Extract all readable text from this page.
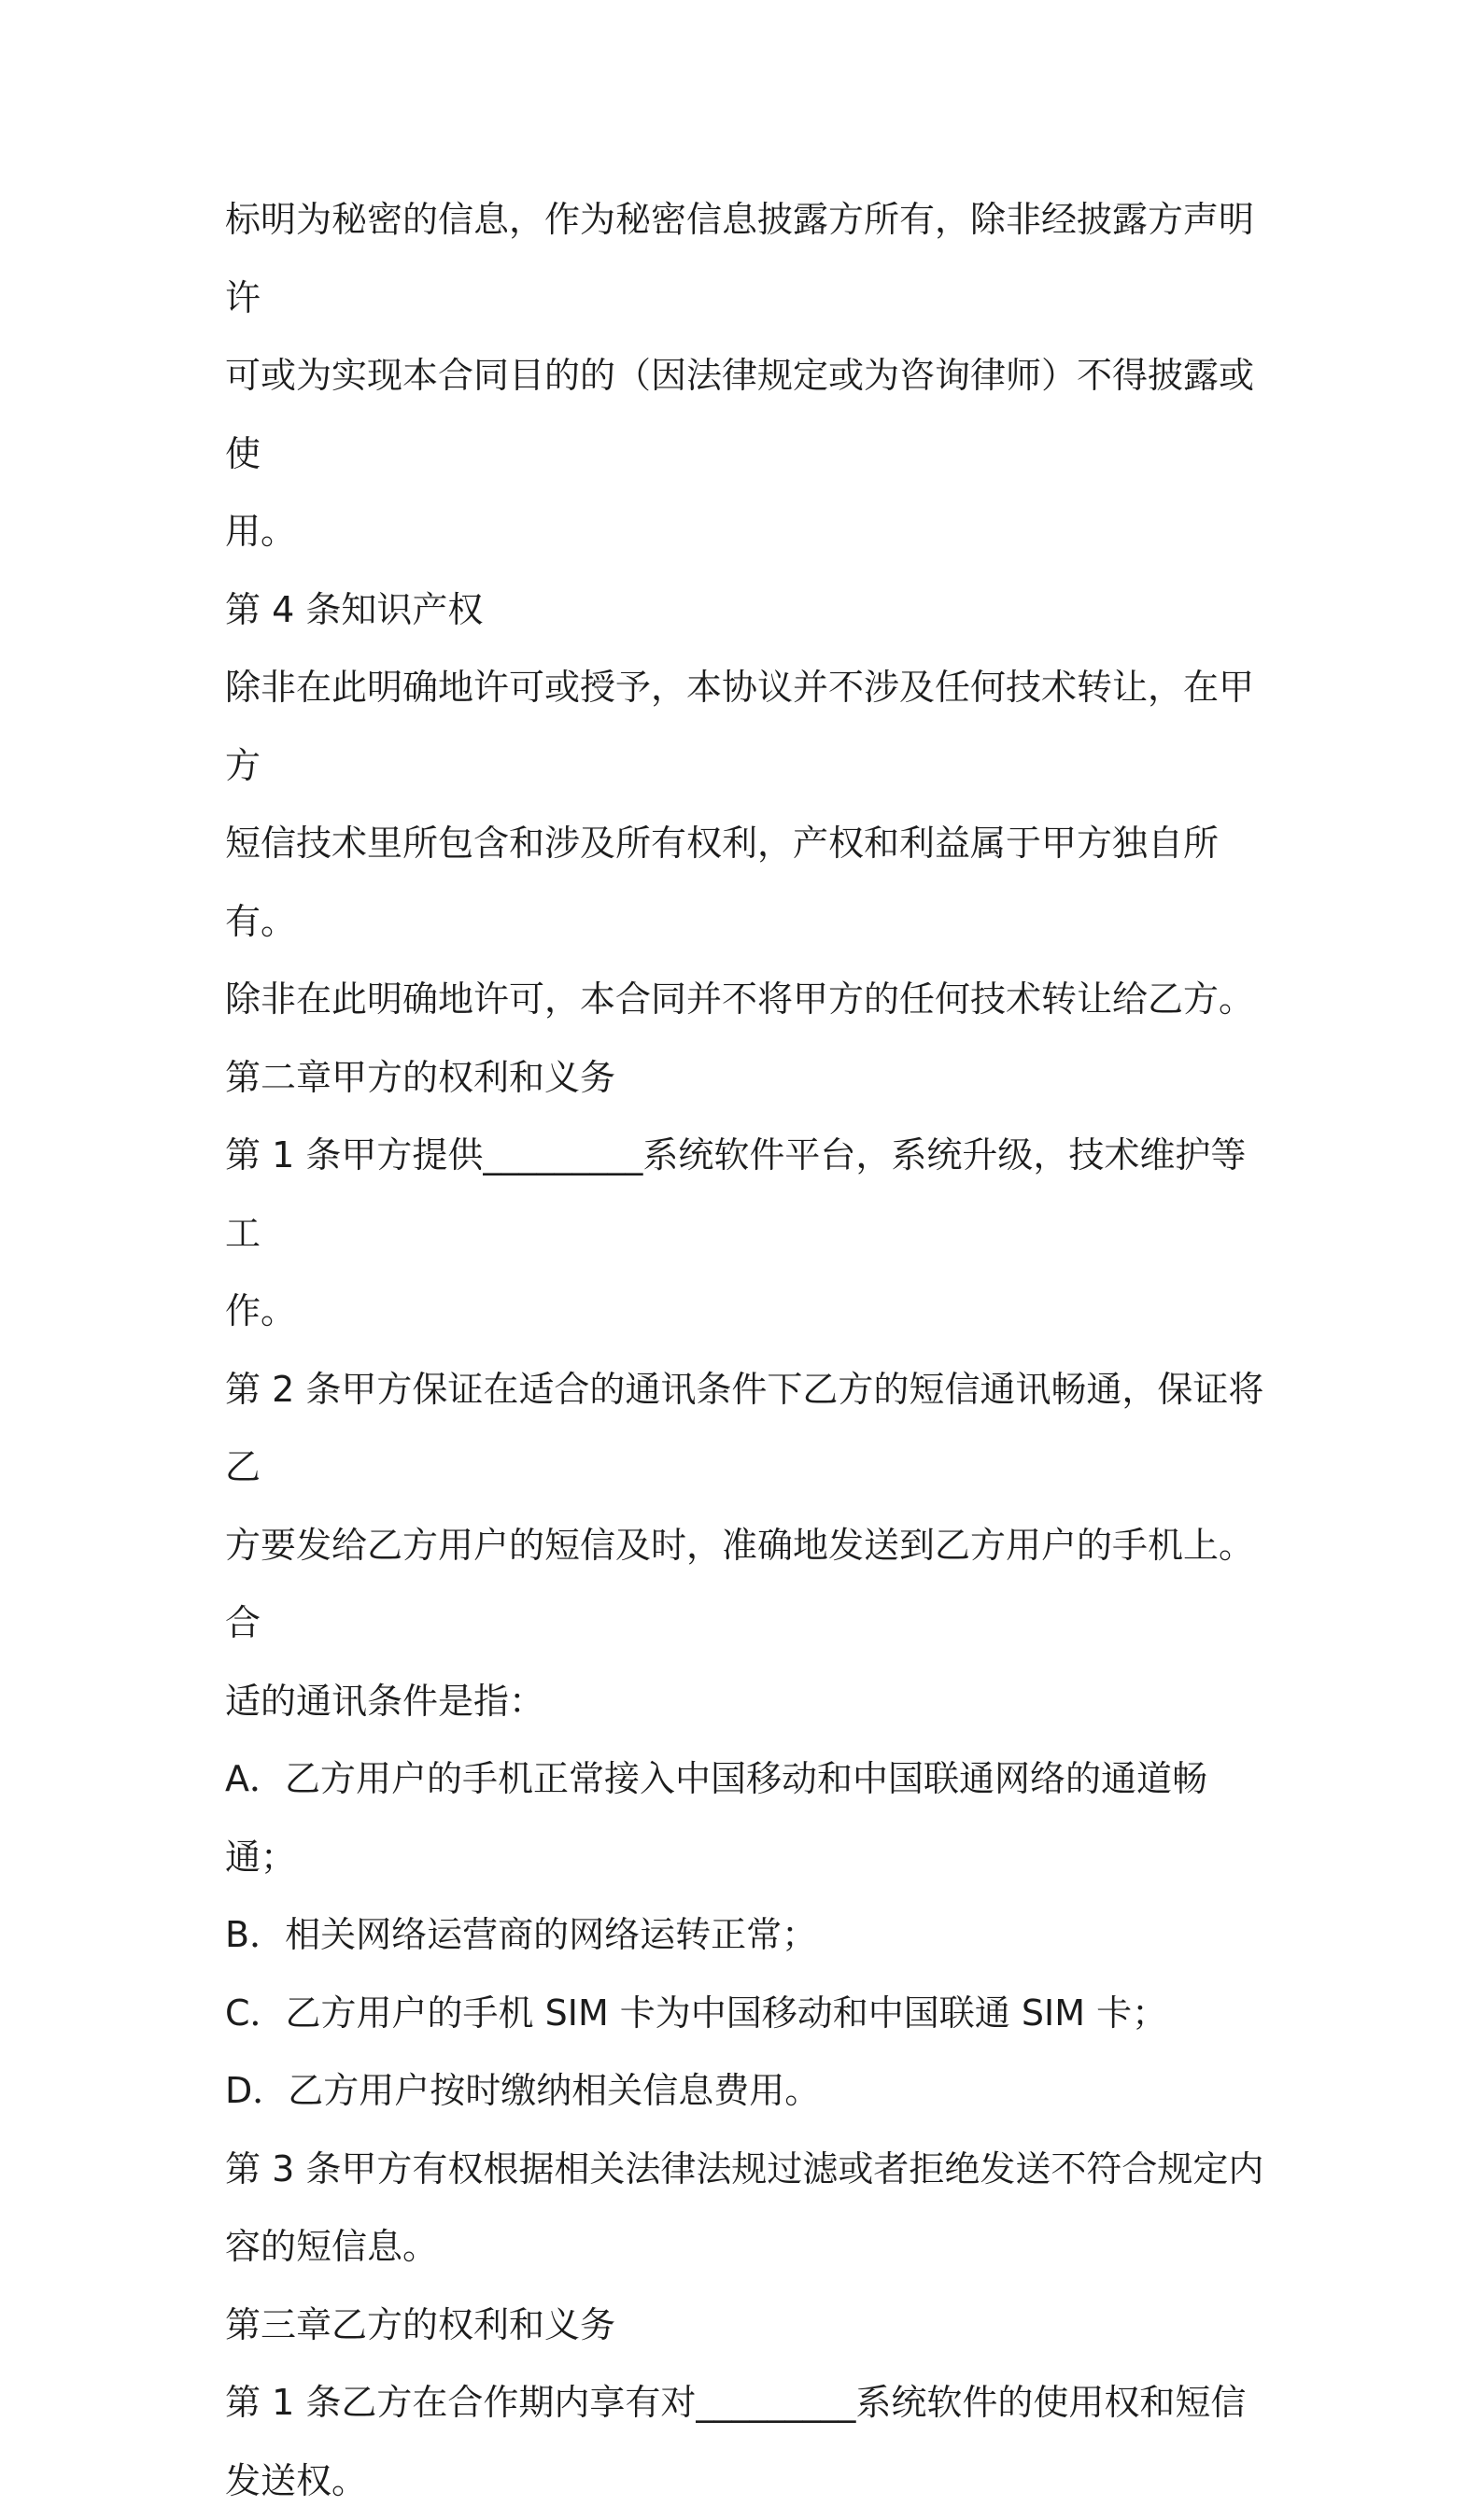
标明为秘密的信息，作为秘密信息披露方所有，除非经披露方声明许

可或为实现本合同目的的（因法律规定或为咨询律师）不得披露或使

用。

第 4 条知识产权

除非在此明确地许可或授予，本协议并不涉及任何技术转让，在甲方

短信技术里所包含和涉及所有权利，产权和利益属于甲方独自所有。

除非在此明确地许可，本合同并不将甲方的任何技术转让给乙方。

第二章甲方的权利和义务

第 1 条甲方提供_________系统软件平台，系统升级，技术维护等工

作。

第 2 条甲方保证在适合的通讯条件下乙方的短信通讯畅通，保证将乙

方要发给乙方用户的短信及时，准确地发送到乙方用户的手机上。合

适的通讯条件是指：

A．乙方用户的手机正常接入中国移动和中国联通网络的通道畅通；

B．相关网络运营商的网络运转正常；

C．乙方用户的手机 SIM 卡为中国移动和中国联通 SIM 卡；

D．乙方用户按时缴纳相关信息费用。

第 3 条甲方有权根据相关法律法规过滤或者拒绝发送不符合规定内

容的短信息。

第三章乙方的权利和义务

第 1 条乙方在合作期内享有对_________系统软件的使用权和短信

发送权。
